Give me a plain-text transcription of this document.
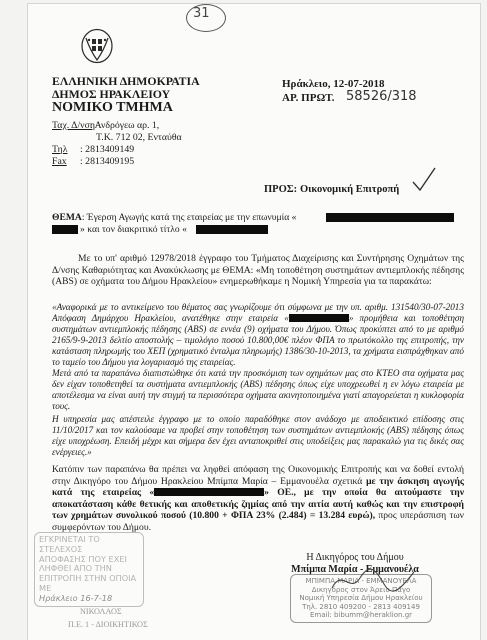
31
ΕΛΛΗΝΙΚΗ ΔΗΜΟΚΡΑΤΙΑ
ΔΗΜΟΣ ΗΡΑΚΛΕΙΟΥ
ΝΟΜΙΚΟ ΤΜΗΜΑ
Ταχ. Δ/νση
: Ανδρόγεω αρ. 1,
Τ.Κ. 712 02, Ενταύθα
Τηλ : 2813409149
Fax : 2813409195
Ηράκλειο, 12-07-2018
ΑΡ. ΠΡΩΤ. 58526/318
ΠΡΟΣ: Οικονομική Επιτροπή
ΘΕΜΑ: Έγερση Αγωγής κατά της εταιρείας με την επωνυμία «
» και τον διακριτικό τίτλο «
Με το υπ' αριθμό 12978/2018 έγγραφο του Τμήματος Διαχείρισης και Συντήρησης Οχημάτων της Δ/νσης Καθαριότητας και Ανακύκλωσης με ΘΕΜΑ: «Μη τοποθέτηση συστημάτων αντιεμπλοκής πέδησης (ABS) σε οχήματα του Δήμου Ηρακλείου» ενημερωθήκαμε η Νομική Υπηρεσία για τα παρακάτω:
«Αναφορικά με το αντικείμενο του θέματος σας γνωρίζουμε ότι σύμφωνα με την υπ. αριθμ. 131540/30-07-2013 Απόφαση Δημάρχου Ηρακλείου, ανατέθηκε στην εταιρεία «	» προμήθεια και τοποθέτηση συστημάτων αντιεμπλοκής πέδησης (ABS) σε εννέα (9) οχήματα του Δήμου. Όπως προκύπτει από το με αριθμό 2165/9-9-2013 δελτίο αποστολής – τιμολόγιο ποσού 10.800,00€ πλέον ΦΠΑ το πρωτόκολλο της επιτροπής, την κατάσταση πληρωμής του ΧΕΠ (χρηματικό ένταλμα πληρωμής) 1386/30-10-2013, τα χρήματα εισπράχθηκαν από το ταμείο του Δήμου για λογαριασμό της εταιρείας.
Μετά από τα παραπάνω διαπιστώθηκε ότι κατά την προσκόμιση των οχημάτων μας στο ΚΤΕΟ στα οχήματα μας δεν είχαν τοποθετηθεί τα συστήματα αντιεμπλοκής (ABS) πέδησης όπως είχε υποχρεωθεί η εν λόγω εταιρεία με αποτέλεσμα να είναι αυτή την στιγμή τα περισσότερα οχήματα ακινητοποιημένα γιατί απαγορεύεται η κυκλοφορία τους.
Η υπηρεσία μας απέστειλε έγγραφο με το οποίο παραδόθηκε στον ανάδοχο με αποδεικτικό επίδοσης στις 11/10/2017 και τον καλούσαμε να προβεί στην τοποθέτηση των συστημάτων αντιεμπλοκής (ABS) πέδησης όπως είχε υποχρέωση. Επειδή μέχρι και σήμερα δεν έχει ανταποκριθεί στις υποδείξεις μας παρακαλώ για τις δικές σας ενέργειες.»
Κατόπιν των παραπάνω θα πρέπει να ληφθεί απόφαση της Οικονομικής Επιτροπής και να δοθεί εντολή στην Δικηγόρο του Δήμου Ηρακλείου Μπίμπα Μαρία – Εμμανουέλα σχετικά με την άσκηση αγωγής κατά της εταιρείας «	» ΟΕ., με την οποία θα αιτούμαστε την αποκατάσταση κάθε θετικής και αποθετικής ζημίας από την αιτία αυτή καθώς και την επιστροφή των χρημάτων συνολικού ποσού (10.800 + ΦΠΑ 23% (2.484) = 13.284 ευρώ), προς υπεράσπιση των συμφερόντων του Δήμου.
ΕΓΚΡΙΝΕΤΑΙ ΤΟ ΣΤΕΛΕΧΟΣ
ΑΠΟΦΑΣΗΣ ΠΟΥ ΕΧΕΙ
ΛΗΦΘΕΙ ΑΠΟ ΤΗΝ
ΕΠΙΤΡΟΠΗ ΣΤΗΝ ΟΠΟΙΑ ΜΕ
Ηράκλειο 16-7-18
ΝΙΚΟΛΑΟΣ
Π.Ε. 1 - ΔΙΟΙΚΗΤΙΚΟΣ
Η Δικηγόρος του Δήμου
Μπίμπα Μαρία - Εμμανουέλα
ΜΠΙΜΠΑ ΜΑΡΙΑ - ΕΜΜΑΝΟΥΕΛΑ
Δικηγόρος στον Άρειο Πάγο
Νομική Υπηρεσία Δήμου Ηρακλείου
Τηλ. 2810 409200 - 2813 409149
Email: bibumm@heraklion.gr
